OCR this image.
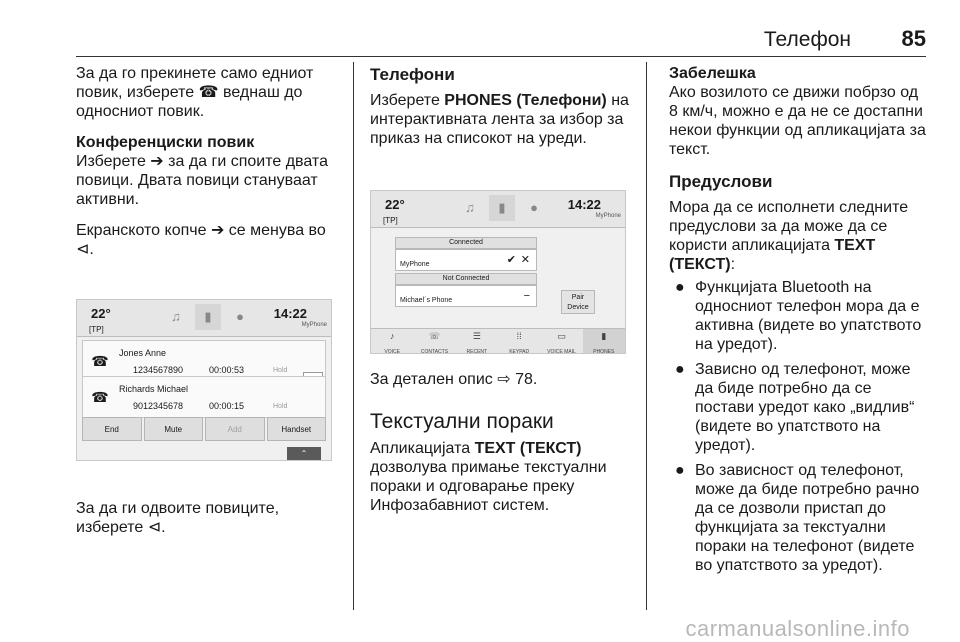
Телефон 85

За да го прекинете само едниот повик, изберете ☎ веднаш до односниот повик.

Конференциски повик

Изберете ➔ за да ги споите двата повици. Двата повици стануваат активни.

Екранското копче ➔ се менува во ⊲.

22°
[TP]
♫	▮	●	14:22
MyPhone
☎ Jones Anne
1234567890	00:00:53	Hold
☎ Richards Michael
9012345678	00:00:15	Hold
End	Mute	Add	Handset
⌃

За да ги одвоите повиците, изберете ⊲.

Телефони

Изберете PHONES (Телефони) на интерактивната лента за избор за приказ на списокот на уреди.

22°
[TP]
♫	▮	●	14:22
MyPhone
Connected
MyPhone	✔ ✕
Not Connected
Michael´s Phone	−	Pair Device
♪
VOICE
☏
CONTACTS
☰
RECENT
⁞⁞
KEYPAD
▭
VOICE MAIL
▮
PHONES

За детален опис ⇨ 78.

Текстуални пораки

Апликацијата TEXT (ТЕКСТ) дозволува примање текстуални пораки и одговарање преку Инфозабавниот систем.

Забелешка

Ако возилото се движи побрзо од 8 км/ч, можно е да не се достапни некои функции од апликацијата за текст.

Предуслови

Мора да се исполнети следните предуслови за да може да се користи апликацијата TEXT (ТЕКСТ):

● Функцијата Bluetooth на односниот телефон мора да е активна (видете во упатството на уредот).
● Зависно од телефонот, може да биде потребно да се постави уредот како „видлив“ (видете во упатството на уредот).
● Во зависност од телефонот, може да биде потребно рачно да се дозволи пристап до функцијата за текстуални пораки на телефонот (видете во упатството за уредот).
carmanualsonline.info
